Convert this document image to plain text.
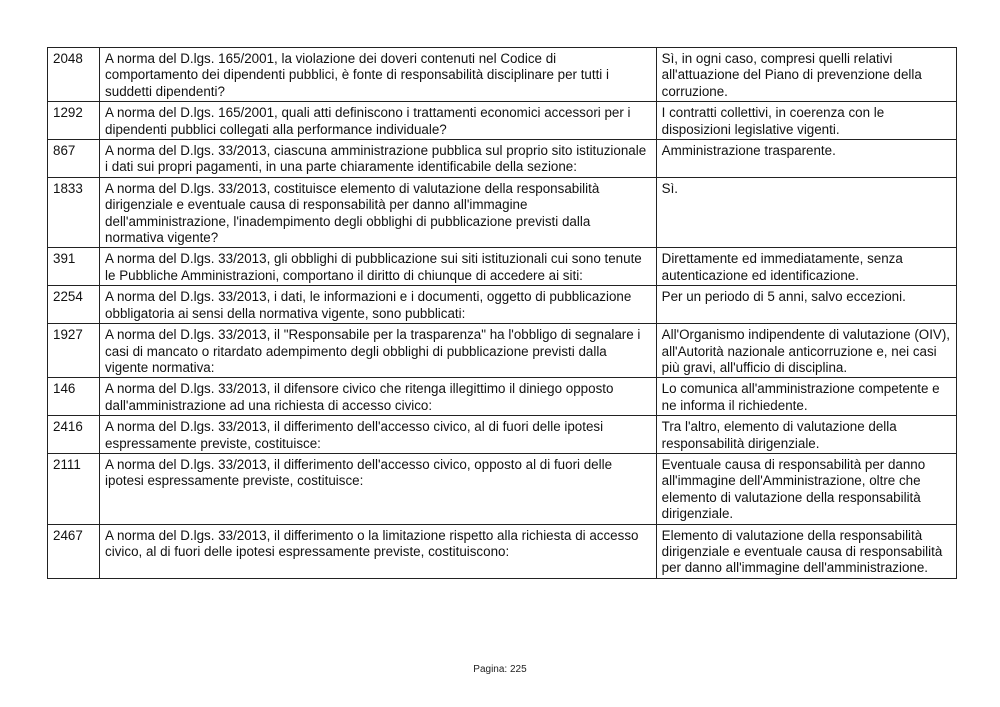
2048	A norma del D.lgs. 165/2001, la violazione dei doveri contenuti nel Codice di comportamento dei dipendenti pubblici, è fonte di responsabilità disciplinare per tutti i suddetti dipendenti?	Sì, in ogni caso, compresi quelli relativi all'attuazione del Piano di prevenzione della corruzione.
1292	A norma del D.lgs. 165/2001, quali atti definiscono i trattamenti economici accessori per i dipendenti pubblici collegati alla performance individuale?	I contratti collettivi, in coerenza con le disposizioni legislative vigenti.
867	A norma del D.lgs. 33/2013, ciascuna amministrazione pubblica sul proprio sito istituzionale i dati sui propri pagamenti, in una parte chiaramente identificabile della sezione:	Amministrazione trasparente.
1833	A norma del D.lgs. 33/2013, costituisce elemento di valutazione della responsabilità dirigenziale e eventuale causa di responsabilità per danno all'immagine dell'amministrazione, l'inadempimento degli obblighi di pubblicazione previsti dalla normativa vigente?	Sì.
391	A norma del D.lgs. 33/2013, gli obblighi di pubblicazione sui siti istituzionali cui sono tenute le Pubbliche Amministrazioni, comportano il diritto di chiunque di accedere ai siti:	Direttamente ed immediatamente, senza autenticazione ed identificazione.
2254	A norma del D.lgs. 33/2013, i dati, le informazioni e i documenti, oggetto di pubblicazione obbligatoria ai sensi della normativa vigente, sono pubblicati:	Per un periodo di 5 anni, salvo eccezioni.
1927	A norma del D.lgs. 33/2013, il "Responsabile per la trasparenza" ha l'obbligo di segnalare i casi di mancato o ritardato adempimento degli obblighi di pubblicazione previsti dalla vigente normativa:	All'Organismo indipendente di valutazione (OIV), all'Autorità nazionale anticorruzione e, nei casi più gravi, all'ufficio di disciplina.
146	A norma del D.lgs. 33/2013, il difensore civico che ritenga illegittimo il diniego opposto dall'amministrazione ad una richiesta di accesso civico:	Lo comunica all'amministrazione competente e ne informa il richiedente.
2416	A norma del D.lgs. 33/2013, il differimento dell'accesso civico, al di fuori delle ipotesi espressamente previste, costituisce:	Tra l'altro, elemento di valutazione della responsabilità dirigenziale.
2111	A norma del D.lgs. 33/2013, il differimento dell'accesso civico, opposto al di fuori delle ipotesi espressamente previste, costituisce:	Eventuale causa di responsabilità per danno all'immagine dell'Amministrazione, oltre che elemento di valutazione della responsabilità dirigenziale.
2467	A norma del D.lgs. 33/2013, il differimento o la limitazione rispetto alla richiesta di accesso civico, al di fuori delle ipotesi espressamente previste, costituiscono:	Elemento di valutazione della responsabilità dirigenziale e eventuale causa di responsabilità per danno all'immagine dell'amministrazione.
Pagina: 225
